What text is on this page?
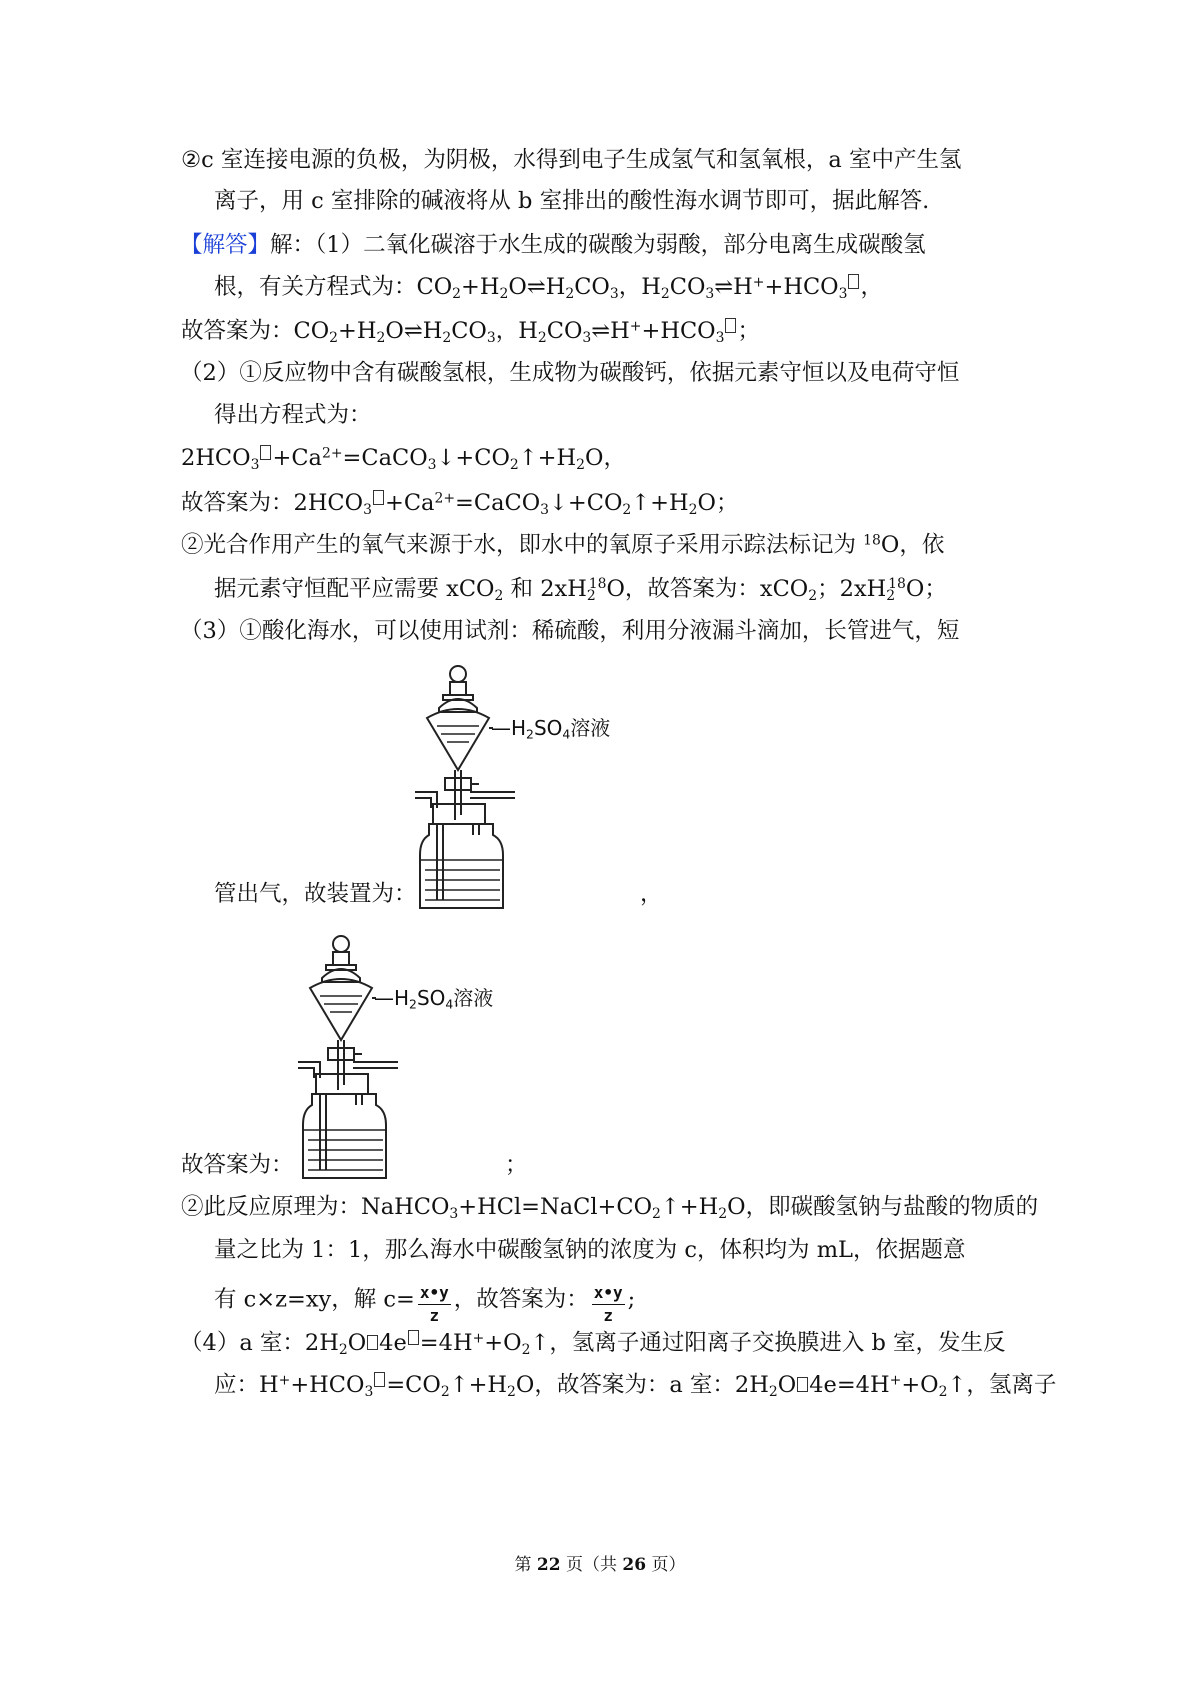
②c 室连接电源的负极，为阴极，水得到电子生成氢气和氢氧根，a 室中产生氢
离子，用 c 室排除的碱液将从 b 室排出的酸性海水调节即可，据此解答.
【解答】解：（1）二氧化碳溶于水生成的碳酸为弱酸，部分电离生成碳酸氢
根，有关方程式为：$CO_2+H_2O\rightleftharpoons H_2CO_3$，$H_2CO_3\rightleftharpoons H^++HCO_3$ ，
故答案为：$CO_2+H_2O\rightleftharpoons H_2CO_3$，$H_2CO_3\rightleftharpoons H^++HCO_3$ ；
（2）①反应物中含有碳酸氢根，生成物为碳酸钙，依据元素守恒以及电荷守恒
得出方程式为：
$2HCO_3$ $+Ca^{2+}=CaCO_3↓+CO_2↑+H_2O$，
故答案为：$2HCO_3$ $+Ca^{2+}=CaCO_3↓+CO_2↑+H_2O$；
②光合作用产生的氧气来源于水，即水中的氧原子采用示踪法标记为 $^{18}$O，依
据元素守恒配平应需要 xCO$_2$ 和 $2xH_2^{18}O$，故答案为：xCO$_2$；$2xH_2^{18}O$；
（3）①酸化海水，可以使用试剂：稀硫酸，利用分液漏斗滴加，长管进气，短
管出气，故装置为：	，
故答案为：	；
②此反应原理为：$NaHCO_3+HCl=NaCl+CO_2↑+H_2O$，即碳酸氢钠与盐酸的物质的
量之比为 1：1，那么海水中碳酸氢钠的浓度为 c，体积均为 mL，依据题意
有 c×z=xy，解 $c= \frac{x•y}{z}$ ，故答案为： $\frac{x•y}{z}$ ;
（4）a 室：$2H_2O$ $4e =4H^++O_2↑$，氢离子通过阳离子交换膜进入 b 室，发生反
应：$H^++HCO_3$ $=CO_2↑+H_2O$，故答案为：a 室：$2H_2O$ $4e=4H^++O_2↑$，氢离子
$—H_2SO_4$溶液
$—H_2SO_4$溶液
第 22 页（共 26 页）
